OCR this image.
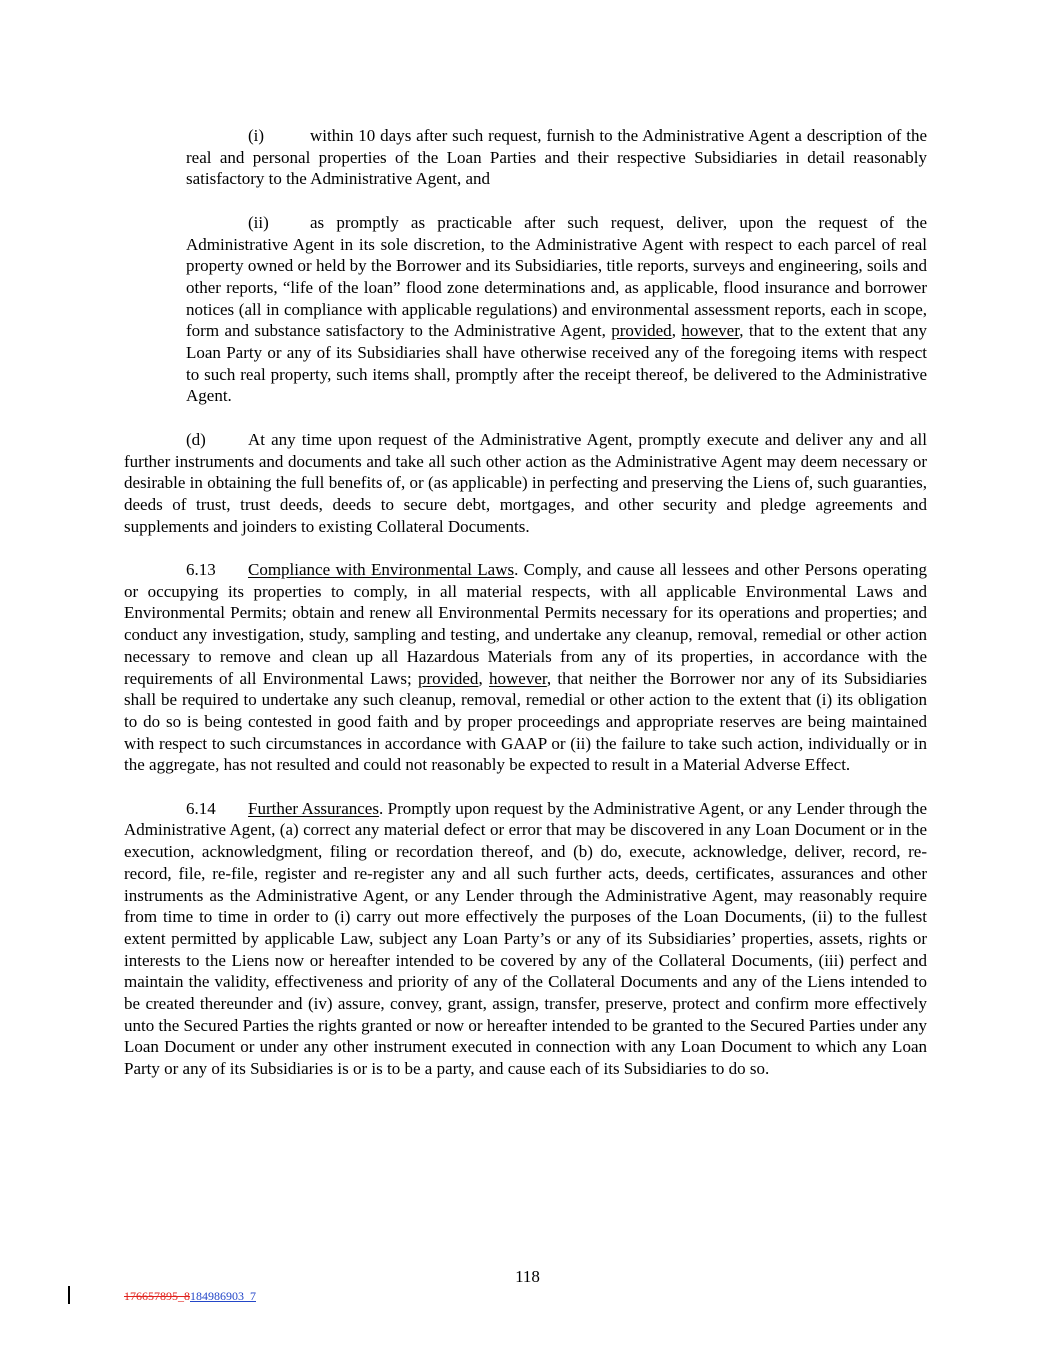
(i)	within 10 days after such request, furnish to the Administrative Agent a description of the real and personal properties of the Loan Parties and their respective Subsidiaries in detail reasonably satisfactory to the Administrative Agent, and

(ii) as promptly as practicable after such request, deliver, upon the request of the Administrative Agent in its sole discretion, to the Administrative Agent with respect to each parcel of real property owned or held by the Borrower and its Subsidiaries, title reports, surveys and engineering, soils and other reports, “life of the loan” flood zone determinations and, as applicable, flood insurance and borrower notices (all in compliance with applicable regulations) and environmental assessment reports, each in scope, form and substance satisfactory to the Administrative Agent, provided, however, that to the extent that any Loan Party or any of its Subsidiaries shall have otherwise received any of the foregoing items with respect to such real property, such items shall, promptly after the receipt thereof, be delivered to the Administrative Agent.

(d) At any time upon request of the Administrative Agent, promptly execute and deliver any and all further instruments and documents and take all such other action as the Administrative Agent may deem necessary or desirable in obtaining the full benefits of, or (as applicable) in perfecting and preserving the Liens of, such guaranties, deeds of trust, trust deeds, deeds to secure debt, mortgages, and other security and pledge agreements and supplements and joinders to existing Collateral Documents.

6.13 Compliance with Environmental Laws. Comply, and cause all lessees and other Persons operating or occupying its properties to comply, in all material respects, with all applicable Environmental Laws and Environmental Permits; obtain and renew all Environmental Permits necessary for its operations and properties; and conduct any investigation, study, sampling and testing, and undertake any cleanup, removal, remedial or other action necessary to remove and clean up all Hazardous Materials from any of its properties, in accordance with the requirements of all Environmental Laws; provided, however, that neither the Borrower nor any of its Subsidiaries shall be required to undertake any such cleanup, removal, remedial or other action to the extent that (i) its obligation to do so is being contested in good faith and by proper proceedings and appropriate reserves are being maintained with respect to such circumstances in accordance with GAAP or (ii) the failure to take such action, individually or in the aggregate, has not resulted and could not reasonably be expected to result in a Material Adverse Effect.

6.14 Further Assurances. Promptly upon request by the Administrative Agent, or any Lender through the Administrative Agent, (a) correct any material defect or error that may be discovered in any Loan Document or in the execution, acknowledgment, filing or recordation thereof, and (b) do, execute, acknowledge, deliver, record, re-record, file, re-file, register and re-register any and all such further acts, deeds, certificates, assurances and other instruments as the Administrative Agent, or any Lender through the Administrative Agent, may reasonably require from time to time in order to (i) carry out more effectively the purposes of the Loan Documents, (ii) to the fullest extent permitted by applicable Law, subject any Loan Party’s or any of its Subsidiaries’ properties, assets, rights or interests to the Liens now or hereafter intended to be covered by any of the Collateral Documents, (iii) perfect and maintain the validity, effectiveness and priority of any of the Collateral Documents and any of the Liens intended to be created thereunder and (iv) assure, convey, grant, assign, transfer, preserve, protect and confirm more effectively unto the Secured Parties the rights granted or now or hereafter intended to be granted to the Secured Parties under any Loan Document or under any other instrument executed in connection with any Loan Document to which any Loan Party or any of its Subsidiaries is or is to be a party, and cause each of its Subsidiaries to do so.

118
176657895_8184986903_7
